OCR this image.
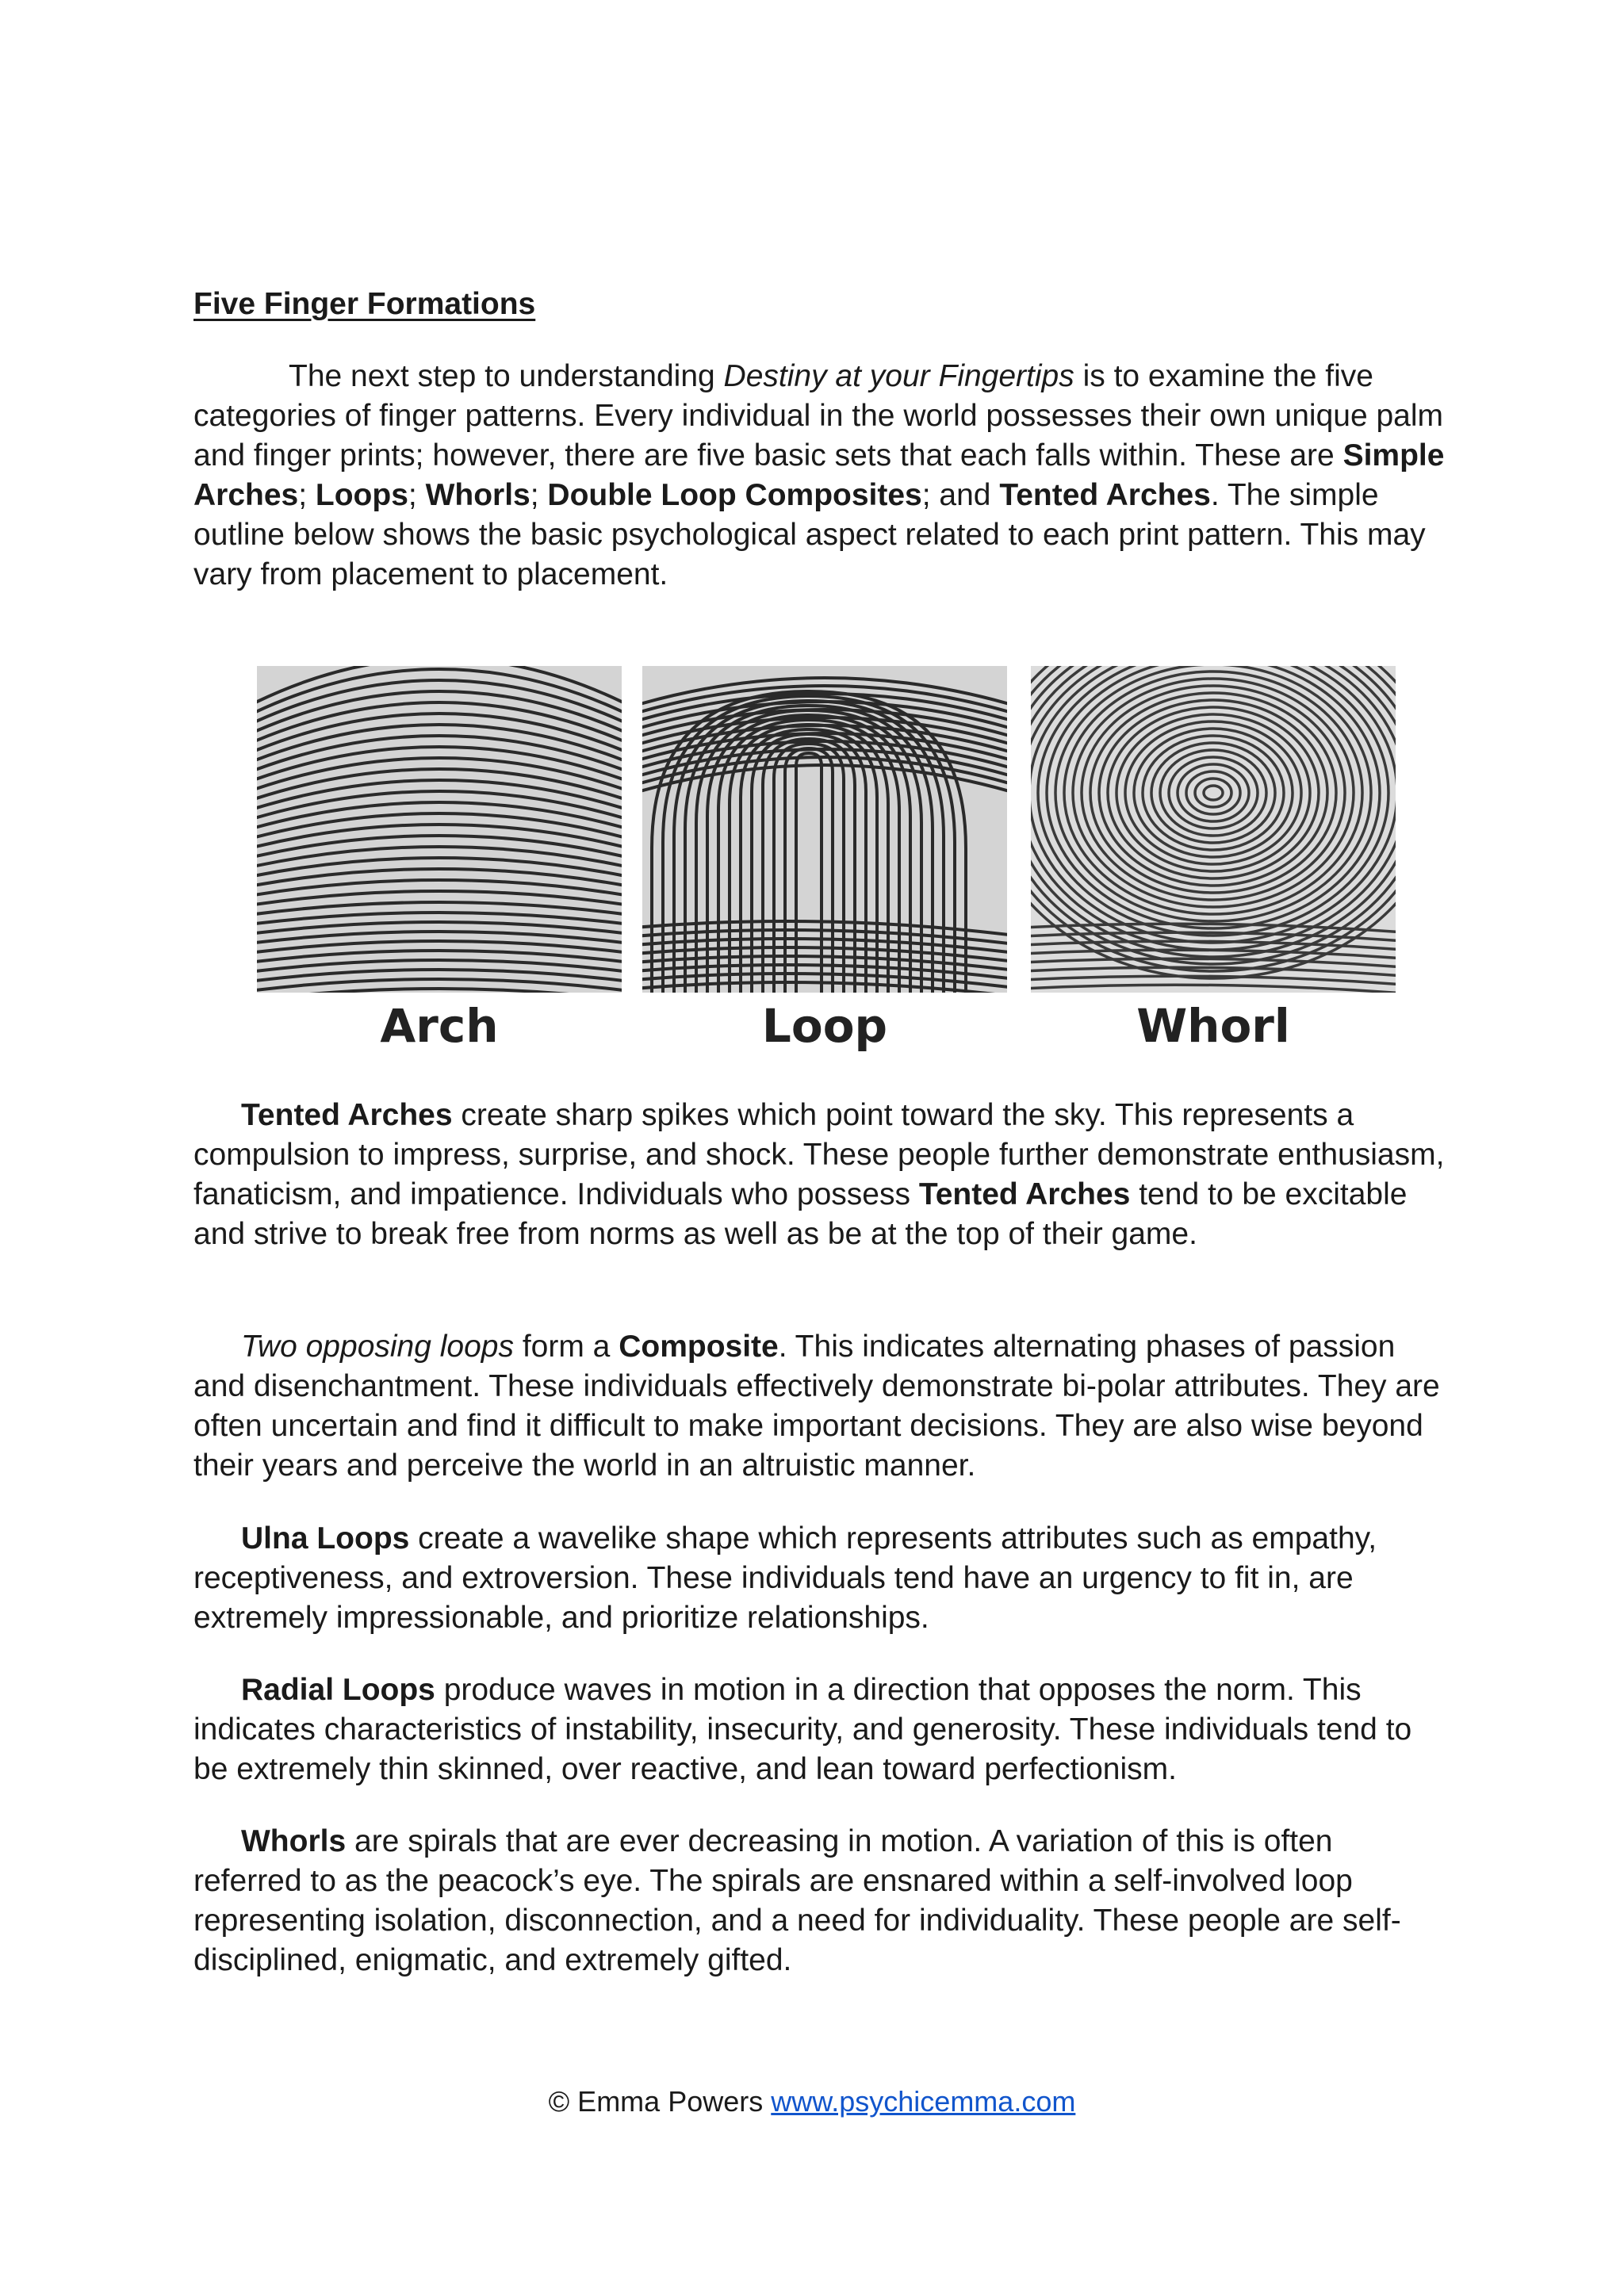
Five Finger Formations

The next step to understanding Destiny at your Fingertips is to examine the five categories of finger patterns. Every individual in the world possesses their own unique palm and finger prints; however, there are five basic sets that each falls within. These are Simple Arches; Loops; Whorls; Double Loop Composites; and Tented Arches. The simple outline below shows the basic psychological aspect related to each print pattern. This may vary from placement to placement.

Arch	Loop	Whorl

Tented Arches create sharp spikes which point toward the sky. This represents a compulsion to impress, surprise, and shock. These people further demonstrate enthusiasm, fanaticism, and impatience. Individuals who possess Tented Arches tend to be excitable and strive to break free from norms as well as be at the top of their game.

Two opposing loops form a Composite. This indicates alternating phases of passion and disenchantment. These individuals effectively demonstrate bi-polar attributes. They are often uncertain and find it difficult to make important decisions. They are also wise beyond their years and perceive the world in an altruistic manner.

Ulna Loops create a wavelike shape which represents attributes such as empathy, receptiveness, and extroversion. These individuals tend have an urgency to fit in, are extremely impressionable, and prioritize relationships.

Radial Loops produce waves in motion in a direction that opposes the norm. This indicates characteristics of instability, insecurity, and generosity. These individuals tend to be extremely thin skinned, over reactive, and lean toward perfectionism.

Whorls are spirals that are ever decreasing in motion. A variation of this is often referred to as the peacock’s eye. The spirals are ensnared within a self-involved loop representing isolation, disconnection, and a need for individuality. These people are self-disciplined, enigmatic, and extremely gifted.

© Emma Powers www.psychicemma.com
